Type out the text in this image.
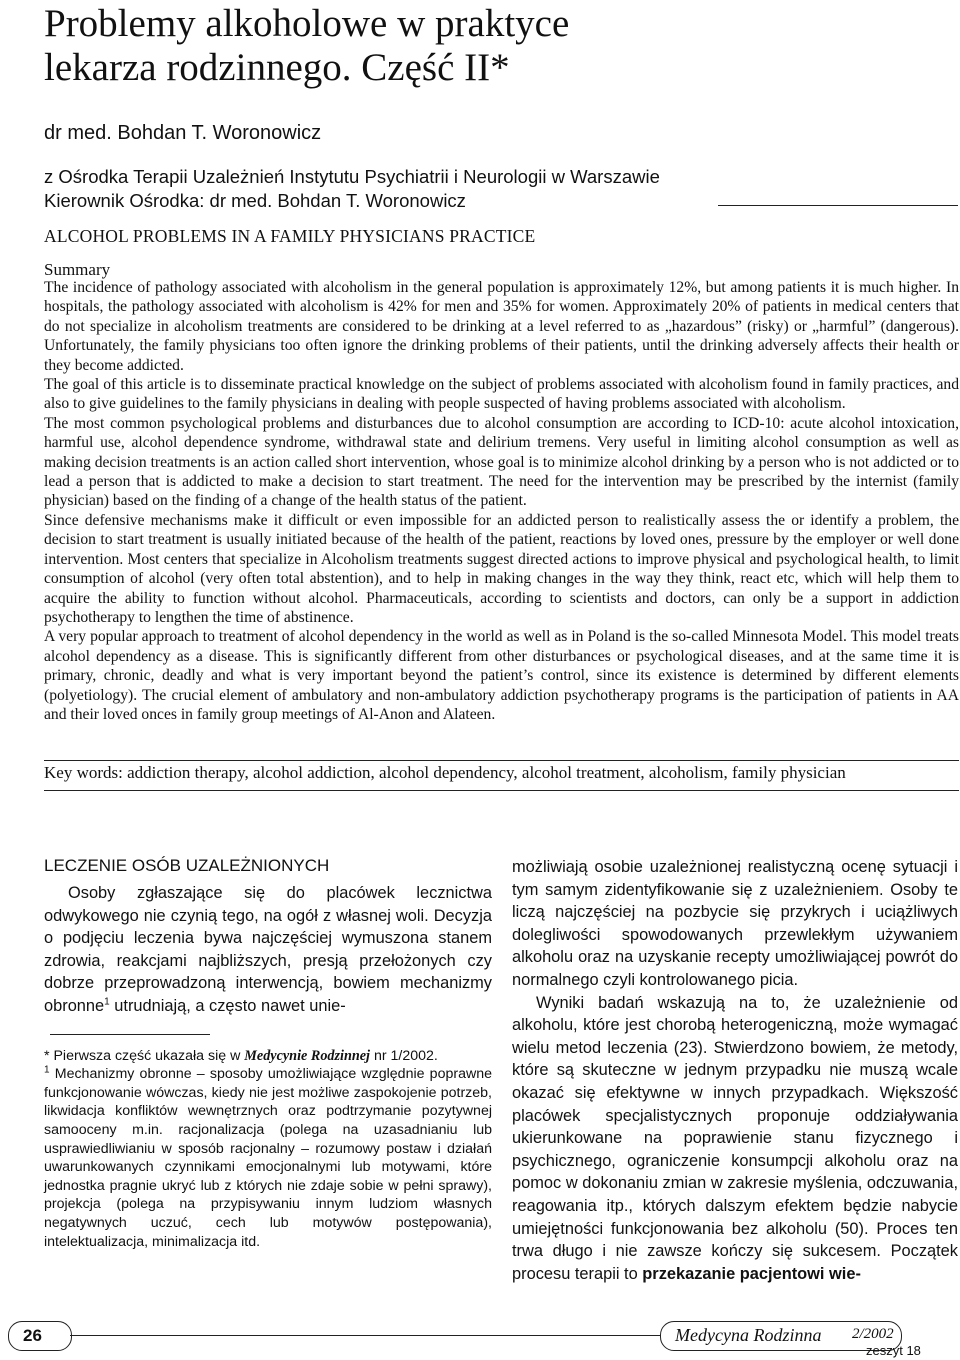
Problemy alkoholowe w praktyce
lekarza rodzinnego. Część II*

dr med. Bohdan T. Woronowicz

z Ośrodka Terapii Uzależnień Instytutu Psychiatrii i Neurologii w Warszawie
Kierownik Ośrodka: dr med. Bohdan T. Woronowicz

ALCOHOL PROBLEMS IN A FAMILY PHYSICIANS PRACTICE

Summary

The incidence of pathology associated with alcoholism in the general population is approximately 12%, but among patients it is much higher. In hospitals, the pathology associated with alcoholism is 42% for men and 35% for women. Approximately 20% of patients in medical centers that do not specialize in alcoholism treatments are considered to be drinking at a level referred to as „hazardous” (risky) or „harmful” (dangerous). Unfortunately, the family physicians too often ignore the drinking problems of their patients, until the drinking adversely affects their health or they become addicted.

The goal of this article is to disseminate practical knowledge on the subject of problems associated with alcoholism found in family practices, and also to give guidelines to the family physicians in dealing with people suspected of having problems associated with alcoholism.

The most common psychological problems and disturbances due to alcohol consumption are according to ICD-10: acute alcohol intoxication, harmful use, alcohol dependence syndrome, withdrawal state and delirium tremens. Very useful in limiting alcohol consumption as well as making decision treatments is an action called short intervention, whose goal is to minimize alcohol drinking by a person who is not addicted or to lead a person that is addicted to make a decision to start treatment. The need for the intervention may be prescribed by the internist (family physician) based on the finding of a change of the health status of the patient.

Since defensive mechanisms make it difficult or even impossible for an addicted person to realistically assess the or identify a problem, the decision to start treatment is usually initiated because of the health of the patient, reactions by loved ones, pressure by the employer or well done intervention. Most centers that specialize in Alcoholism treatments suggest directed actions to improve physical and psychological health, to limit consumption of alcohol (very often total abstention), and to help in making changes in the way they think, react etc, which will help them to acquire the ability to function without alcohol. Pharmaceuticals, according to scientists and doctors, can only be a support in addiction psychotherapy to lengthen the time of abstinence.

A very popular approach to treatment of alcohol dependency in the world as well as in Poland is the so-called Minnesota Model. This model treats alcohol dependency as a disease. This is significantly different from other disturbances or psychological diseases, and at the same time it is primary, chronic, deadly and what is very important beyond the patient’s control, since its existence is determined by different elements (polyetiology). The crucial element of ambulatory and non-ambulatory addiction psychotherapy programs is the participation of patients in AA and their loved onces in family group meetings of Al-Anon and Alateen.

Key words: addiction therapy, alcohol addiction, alcohol dependency, alcohol treatment, alcoholism, family physician

LECZENIE OSÓB UZALEŻNIONYCH

Osoby zgłaszające się do placówek lecznictwa odwykowego nie czynią tego, na ogół z własnej woli. Decyzja o podjęciu leczenia bywa najczęściej wymuszona stanem zdrowia, reakcjami najbliższych, presją przełożonych czy dobrze przeprowadzoną interwencją, bowiem mechanizmy obronne$^1$ utrudniają, a często nawet unie-

* Pierwsza część ukazała się w Medycynie Rodzinnej nr 1/2002.

$^1$ Mechanizmy obronne – sposoby umożliwiające względnie poprawne funkcjonowanie wówczas, kiedy nie jest możliwe zaspokojenie potrzeb, likwidacja konfliktów wewnętrznych oraz podtrzymanie pozytywnej samooceny m.in. racjonalizacja (polega na uzasadnianiu lub usprawiedliwianiu w sposób racjonalny – rozumowy postaw i działań uwarunkowanych czynnikami emocjonalnymi lub motywami, które jednostka pragnie ukryć lub z których nie zdaje sobie w pełni sprawy), projekcja (polega na przypisywaniu innym ludziom własnych negatywnych uczuć, cech lub motywów postępowania), intelektualizacja, minimalizacja itd.

możliwiają osobie uzależnionej realistyczną ocenę sytuacji i tym samym zidentyfikowanie się z uzależnieniem. Osoby te liczą najczęściej na pozbycie się przykrych i uciążliwych dolegliwości spowodowanych przewlekłym używaniem alkoholu oraz na uzyskanie recepty umożliwiającej powrót do normalnego czyli kontrolowanego picia.

Wyniki badań wskazują na to, że uzależnienie od alkoholu, które jest chorobą heterogeniczną, może wymagać wielu metod leczenia (23). Stwierdzono bowiem, że metody, które są skuteczne w jednym przypadku nie muszą wcale okazać się efektywne w innych przypadkach. Większość placówek specjalistycznych proponuje oddziaływania ukierunkowane na poprawienie stanu fizycznego i psychicznego, ograniczenie konsumpcji alkoholu oraz na pomoc w dokonaniu zmian w zakresie myślenia, odczuwania, reagowania itp., których dalszym efektem będzie nabycie umiejętności funkcjonowania bez alkoholu (50). Proces ten trwa długo i nie zawsze kończy się sukcesem. Początek procesu terapii to przekazanie pacjentowi wie-

26	Medycyna Rodzinna 2/2002
zeszyt 18
